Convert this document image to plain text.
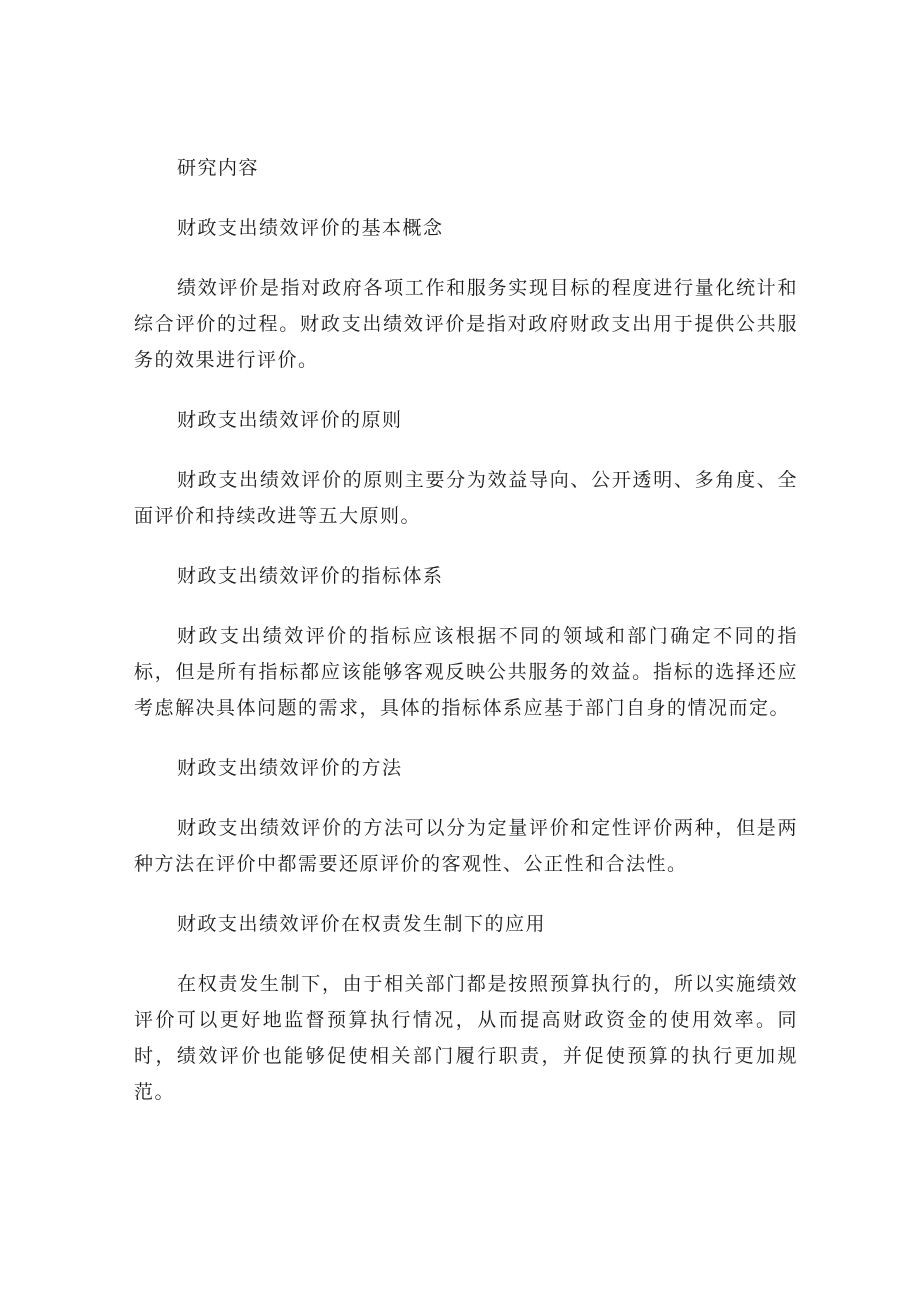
研究内容

财政支出绩效评价的基本概念

绩效评价是指对政府各项工作和服务实现目标的程度进行量化统计和综合评价的过程。财政支出绩效评价是指对政府财政支出用于提供公共服务的效果进行评价。

财政支出绩效评价的原则

财政支出绩效评价的原则主要分为效益导向、公开透明、多角度、全面评价和持续改进等五大原则。

财政支出绩效评价的指标体系

财政支出绩效评价的指标应该根据不同的领域和部门确定不同的指标，但是所有指标都应该能够客观反映公共服务的效益。指标的选择还应考虑解决具体问题的需求，具体的指标体系应基于部门自身的情况而定。

财政支出绩效评价的方法

财政支出绩效评价的方法可以分为定量评价和定性评价两种，但是两种方法在评价中都需要还原评价的客观性、公正性和合法性。

财政支出绩效评价在权责发生制下的应用

在权责发生制下，由于相关部门都是按照预算执行的，所以实施绩效评价可以更好地监督预算执行情况，从而提高财政资金的使用效率。同时，绩效评价也能够促使相关部门履行职责，并促使预算的执行更加规范。
